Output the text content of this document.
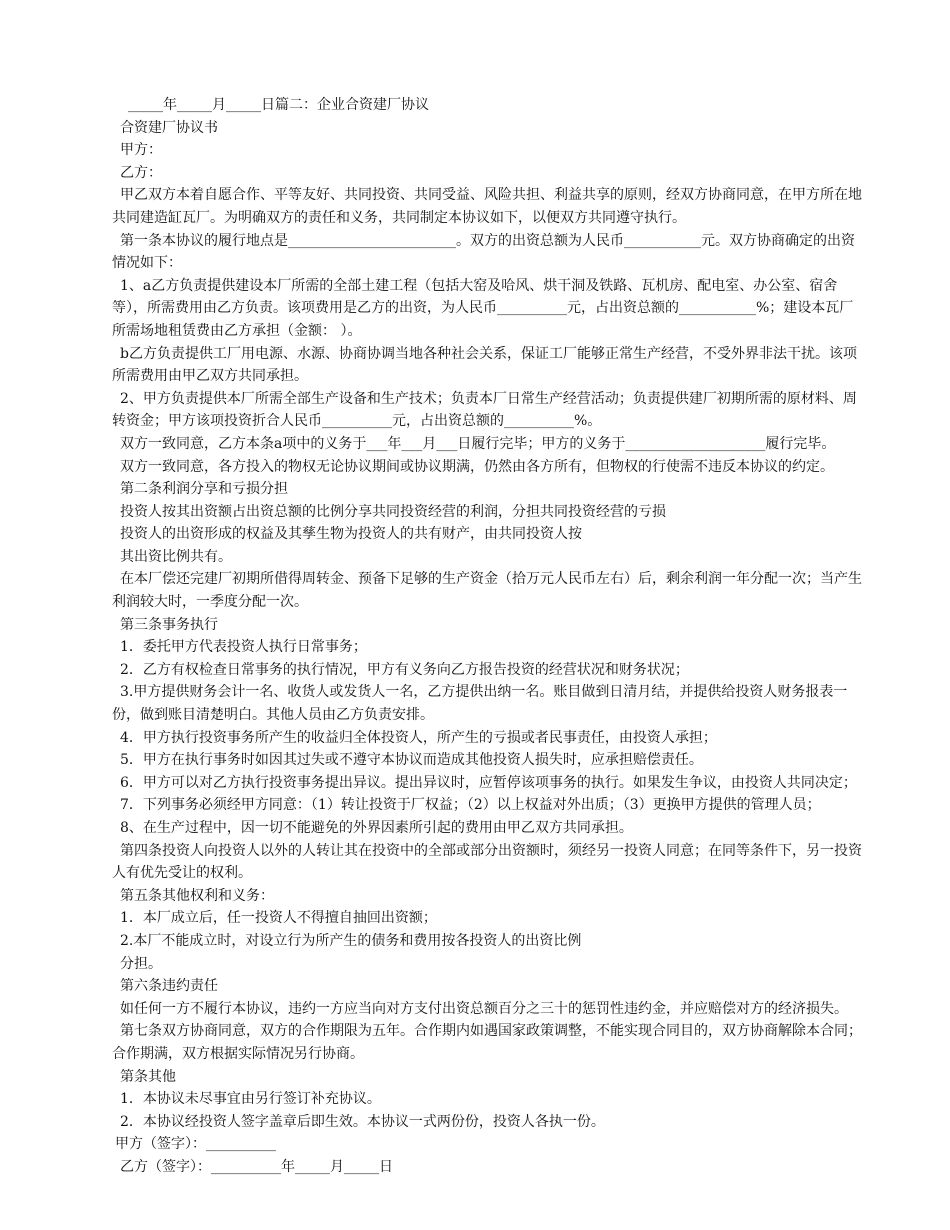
_____年_____月_____日篇二：企业合资建厂协议

合资建厂协议书

甲方：

乙方：

甲乙双方本着自愿合作、平等友好、共同投资、共同受益、风险共担、利益共享的原则，经双方协商同意，在甲方所在地共同建造缸瓦厂。为明确双方的责任和义务，共同制定本协议如下，以便双方共同遵守执行。

第一条本协议的履行地点是________________________。双方的出资总额为人民币___________元。双方协商确定的出资情况如下：

1、a乙方负责提供建设本厂所需的全部土建工程（包括大窑及哈风、烘干洞及铁路、瓦机房、配电室、办公室、宿舍等），所需费用由乙方负责。该项费用是乙方的出资，为人民币__________元，占出资总额的___________%；建设本瓦厂所需场地租赁费由乙方承担（金额： ）。

b乙方负责提供工厂用电源、水源、协商协调当地各种社会关系，保证工厂能够正常生产经营，不受外界非法干扰。该项所需费用由甲乙双方共同承担。

2、甲方负责提供本厂所需全部生产设备和生产技术；负责本厂日常生产经营活动；负责提供建厂初期所需的原材料、周转资金；甲方该项投资折合人民币__________元，占出资总额的__________%。

双方一致同意，乙方本条a项中的义务于___年___月___日履行完毕；甲方的义务于____________________履行完毕。

双方一致同意，各方投入的物权无论协议期间或协议期满，仍然由各方所有，但物权的行使需不违反本协议的约定。

第二条利润分享和亏损分担

投资人按其出资额占出资总额的比例分享共同投资经营的利润，分担共同投资经营的亏损

投资人的出资形成的权益及其孳生物为投资人的共有财产，由共同投资人按

其出资比例共有。

在本厂偿还完建厂初期所借得周转金、预备下足够的生产资金（拾万元人民币左右）后，剩余利润一年分配一次；当产生利润较大时，一季度分配一次。

第三条事务执行

1．委托甲方代表投资人执行日常事务；

2．乙方有权检查日常事务的执行情况，甲方有义务向乙方报告投资的经营状况和财务状况；

3.甲方提供财务会计一名、收货人或发货人一名，乙方提供出纳一名。账目做到日清月结，并提供给投资人财务报表一份，做到账目清楚明白。其他人员由乙方负责安排。

4．甲方执行投资事务所产生的收益归全体投资人，所产生的亏损或者民事责任，由投资人承担；

5．甲方在执行事务时如因其过失或不遵守本协议而造成其他投资人损失时，应承担赔偿责任。

6．甲方可以对乙方执行投资事务提出异议。提出异议时，应暂停该项事务的执行。如果发生争议，由投资人共同决定；

7．下列事务必须经甲方同意：（1）转让投资于厂权益；（2）以上权益对外出质；（3）更换甲方提供的管理人员；

8、在生产过程中，因一切不能避免的外界因素所引起的费用由甲乙双方共同承担。

第四条投资人向投资人以外的人转让其在投资中的全部或部分出资额时，须经另一投资人同意；在同等条件下，另一投资人有优先受让的权利。

第五条其他权利和义务：

1．本厂成立后，任一投资人不得擅自抽回出资额；

2.本厂不能成立时，对设立行为所产生的债务和费用按各投资人的出资比例

分担。

第六条违约责任

如任何一方不履行本协议，违约一方应当向对方支付出资总额百分之三十的惩罚性违约金，并应赔偿对方的经济损失。

第七条双方协商同意，双方的合作期限为五年。合作期内如遇国家政策调整，不能实现合同目的，双方协商解除本合同；合作期满，双方根据实际情况另行协商。

第条其他

1．本协议未尽事宜由另行签订补充协议。

2．本协议经投资人签字盖章后即生效。本协议一式两份份，投资人各执一份。

甲方（签字）：__________

乙方（签字）：__________年_____月_____日
